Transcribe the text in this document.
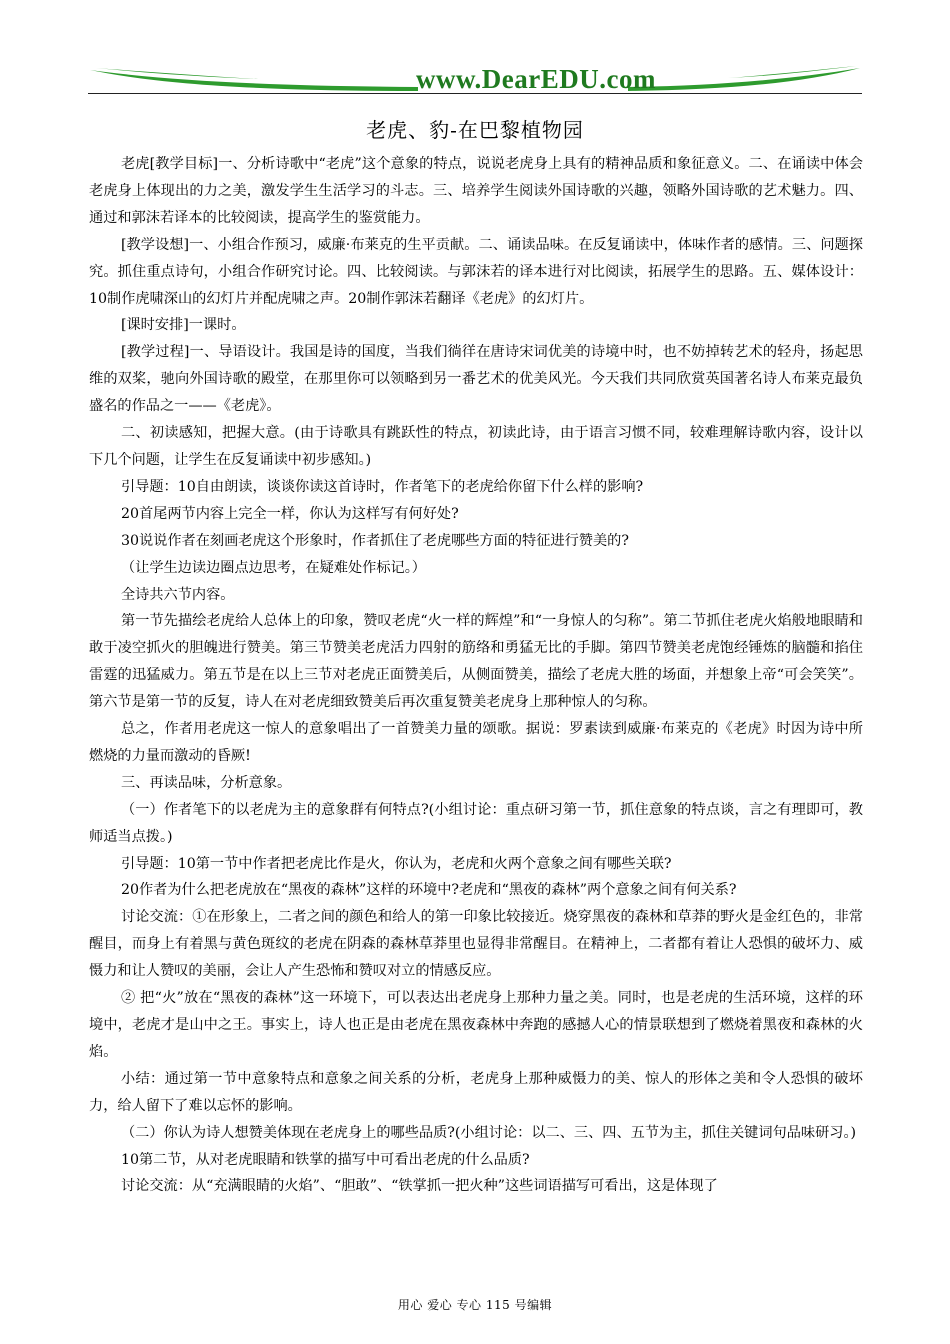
www.DearEDU.com
老虎、豹-在巴黎植物园

老虎[教学目标]一、分析诗歌中“老虎”这个意象的特点，说说老虎身上具有的精神品质和象征意义。二、在诵读中体会老虎身上体现出的力之美，激发学生生活学习的斗志。三、培养学生阅读外国诗歌的兴趣，领略外国诗歌的艺术魅力。四、通过和郭沫若译本的比较阅读，提高学生的鉴赏能力。

[教学设想]一、小组合作预习，威廉·布莱克的生平贡献。二、诵读品味。在反复诵读中，体味作者的感情。三、问题探究。抓住重点诗句，小组合作研究讨论。四、比较阅读。与郭沫若的译本进行对比阅读，拓展学生的思路。五、媒体设计：10制作虎啸深山的幻灯片并配虎啸之声。20制作郭沫若翻译《老虎》的幻灯片。

[课时安排]一课时。

[教学过程]一、导语设计。我国是诗的国度，当我们徜徉在唐诗宋词优美的诗境中时，也不妨掉转艺术的轻舟，扬起思维的双桨，驰向外国诗歌的殿堂，在那里你可以领略到另一番艺术的优美风光。今天我们共同欣赏英国著名诗人布莱克最负盛名的作品之一——《老虎》。

二、初读感知，把握大意。(由于诗歌具有跳跃性的特点，初读此诗，由于语言习惯不同，较难理解诗歌内容，设计以下几个问题，让学生在反复诵读中初步感知。)

引导题：10自由朗读，谈谈你读这首诗时，作者笔下的老虎给你留下什么样的影响?

20首尾两节内容上完全一样，你认为这样写有何好处?

30说说作者在刻画老虎这个形象时，作者抓住了老虎哪些方面的特征进行赞美的?

（让学生边读边圈点边思考，在疑难处作标记。）

全诗共六节内容。

第一节先描绘老虎给人总体上的印象，赞叹老虎“火一样的辉煌”和“一身惊人的匀称”。第二节抓住老虎火焰般地眼睛和敢于凌空抓火的胆魄进行赞美。第三节赞美老虎活力四射的筋络和勇猛无比的手脚。第四节赞美老虎饱经锤炼的脑髓和掐住雷霆的迅猛威力。第五节是在以上三节对老虎正面赞美后，从侧面赞美，描绘了老虎大胜的场面，并想象上帝“可会笑笑”。第六节是第一节的反复，诗人在对老虎细致赞美后再次重复赞美老虎身上那种惊人的匀称。

总之，作者用老虎这一惊人的意象唱出了一首赞美力量的颂歌。据说：罗素读到威廉·布莱克的《老虎》时因为诗中所燃烧的力量而激动的昏厥!

三、再读品味，分析意象。

（一）作者笔下的以老虎为主的意象群有何特点?(小组讨论：重点研习第一节，抓住意象的特点谈，言之有理即可，教师适当点拨。)

引导题：10第一节中作者把老虎比作是火，你认为，老虎和火两个意象之间有哪些关联?

20作者为什么把老虎放在“黑夜的森林”这样的环境中?老虎和“黑夜的森林”两个意象之间有何关系?

讨论交流：①在形象上，二者之间的颜色和给人的第一印象比较接近。烧穿黑夜的森林和草莽的野火是金红色的，非常醒目，而身上有着黑与黄色斑纹的老虎在阴森的森林草莽里也显得非常醒目。在精神上，二者都有着让人恐惧的破坏力、威慑力和让人赞叹的美丽，会让人产生恐怖和赞叹对立的情感反应。

② 把“火”放在“黑夜的森林”这一环境下，可以表达出老虎身上那种力量之美。同时，也是老虎的生活环境，这样的环境中，老虎才是山中之王。事实上，诗人也正是由老虎在黑夜森林中奔跑的感撼人心的情景联想到了燃烧着黑夜和森林的火焰。

小结：通过第一节中意象特点和意象之间关系的分析，老虎身上那种威慑力的美、惊人的形体之美和令人恐惧的破坏力，给人留下了难以忘怀的影响。

（二）你认为诗人想赞美体现在老虎身上的哪些品质?(小组讨论：以二、三、四、五节为主，抓住关键词句品味研习。)

10第二节，从对老虎眼睛和铁掌的描写中可看出老虎的什么品质?

讨论交流：从“充满眼睛的火焰”、“胆敢”、“铁掌抓一把火种”这些词语描写可看出，这是体现了

用心 爱心 专心 115 号编辑
